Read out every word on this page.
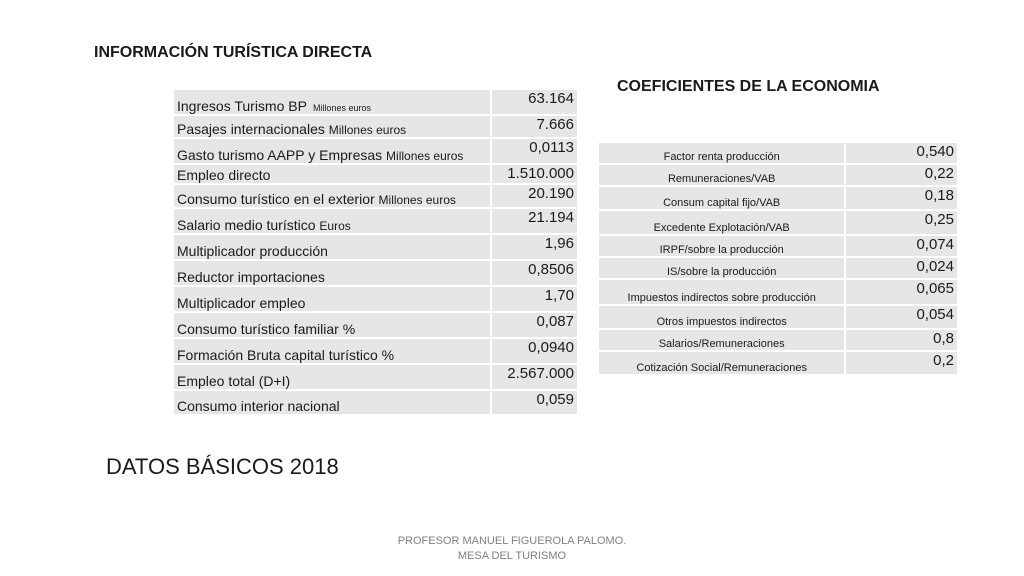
INFORMACIÓN TURÍSTICA DIRECTA
COEFICIENTES DE LA ECONOMIA
Ingresos Turismo BP Millones euros	63.164
Pasajes internacionales Millones euros	7.666
Gasto turismo AAPP y Empresas Millones euros	0,0113
Empleo directo	1.510.000
Consumo turístico en el exterior Millones euros	20.190
Salario medio turístico Euros	21.194
Multiplicador producción	1,96
Reductor importaciones	0,8506
Multiplicador empleo	1,70
Consumo turístico familiar %	0,087
Formación Bruta capital turístico %	0,0940
Empleo total (D+I)	2.567.000
Consumo interior nacional	0,059
Factor renta producción	0,540
Remuneraciones/VAB	0,22
Consum capital fijo/VAB	0,18
Excedente Explotación/VAB	0,25
IRPF/sobre la producción	0,074
IS/sobre la producción	0,024
Impuestos indirectos sobre producción	0,065
Otros impuestos indirectos	0,054
Salarios/Remuneraciones	0,8
Cotización Social/Remuneraciones	0,2
DATOS BÁSICOS 2018
PROFESOR MANUEL FIGUEROLA PALOMO.
MESA DEL TURISMO
